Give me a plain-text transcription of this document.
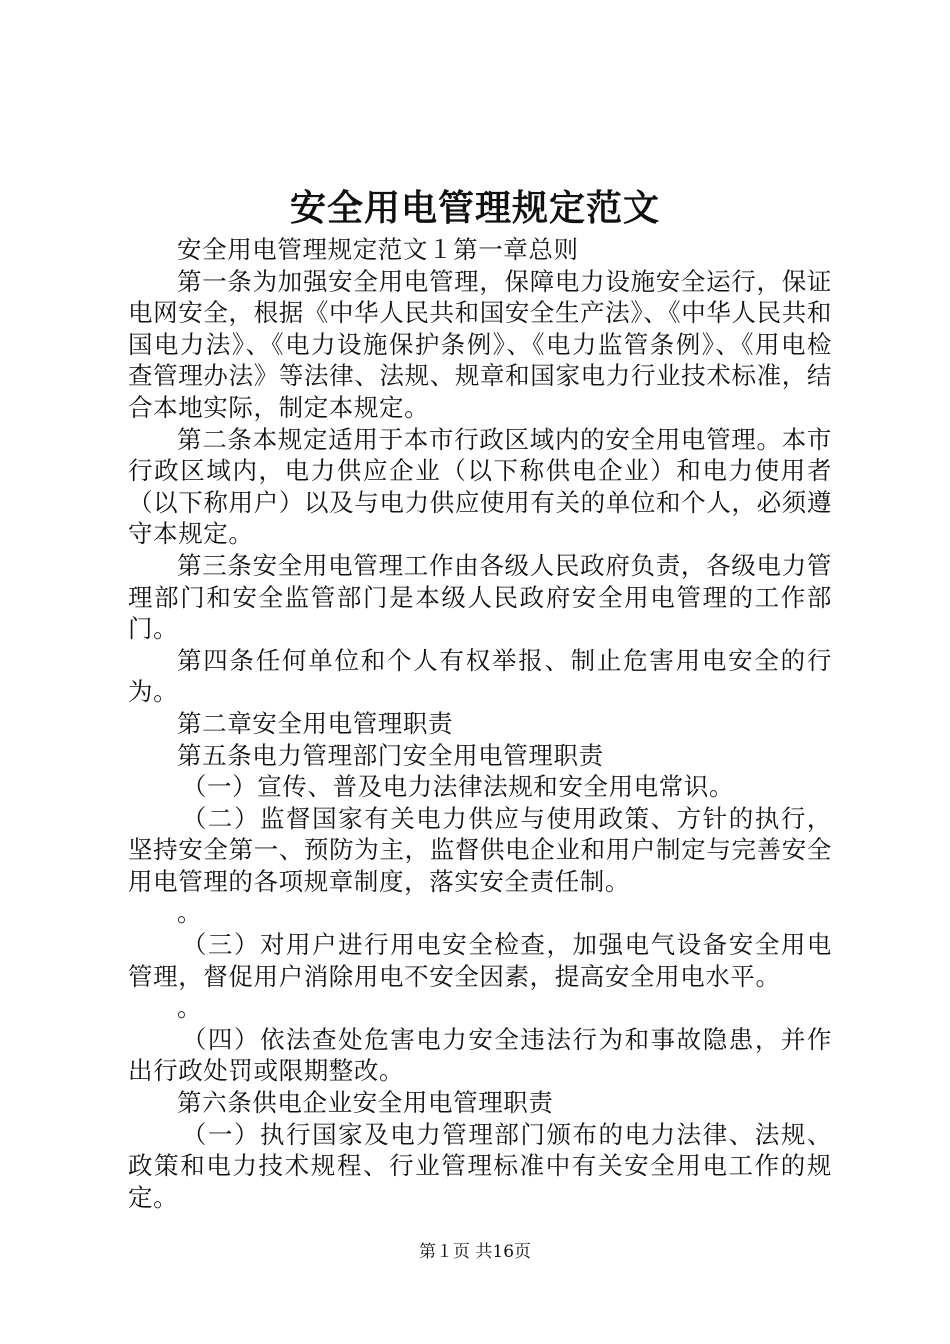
安全用电管理规定范文

安全用电管理规定范文１第一章总则

第一条为加强安全用电管理，保障电力设施安全运行，保证电网安全，根据《中华人民共和国安全生产法》、《中华人民共和国电力法》、《电力设施保护条例》、《电力监管条例》、《用电检查管理办法》等法律、法规、规章和国家电力行业技术标准，结合本地实际，制定本规定。

第二条本规定适用于本市行政区域内的安全用电管理。本市行政区域内，电力供应企业（以下称供电企业）和电力使用者（以下称用户）以及与电力供应使用有关的单位和个人，必须遵守本规定。

第三条安全用电管理工作由各级人民政府负责，各级电力管理部门和安全监管部门是本级人民政府安全用电管理的工作部门。

第四条任何单位和个人有权举报、制止危害用电安全的行为。

第二章安全用电管理职责

第五条电力管理部门安全用电管理职责

（一）宣传、普及电力法律法规和安全用电常识。

（二）监督国家有关电力供应与使用政策、方针的执行，坚持安全第一、预防为主，监督供电企业和用户制定与完善安全用电管理的各项规章制度，落实安全责任制。

。

（三）对用户进行用电安全检查，加强电气设备安全用电管理，督促用户消除用电不安全因素，提高安全用电水平。

。

（四）依法查处危害电力安全违法行为和事故隐患，并作出行政处罚或限期整改。

第六条供电企业安全用电管理职责

（一）执行国家及电力管理部门颁布的电力法律、法规、政策和电力技术规程、行业管理标准中有关安全用电工作的规定。

第１页 共16页
